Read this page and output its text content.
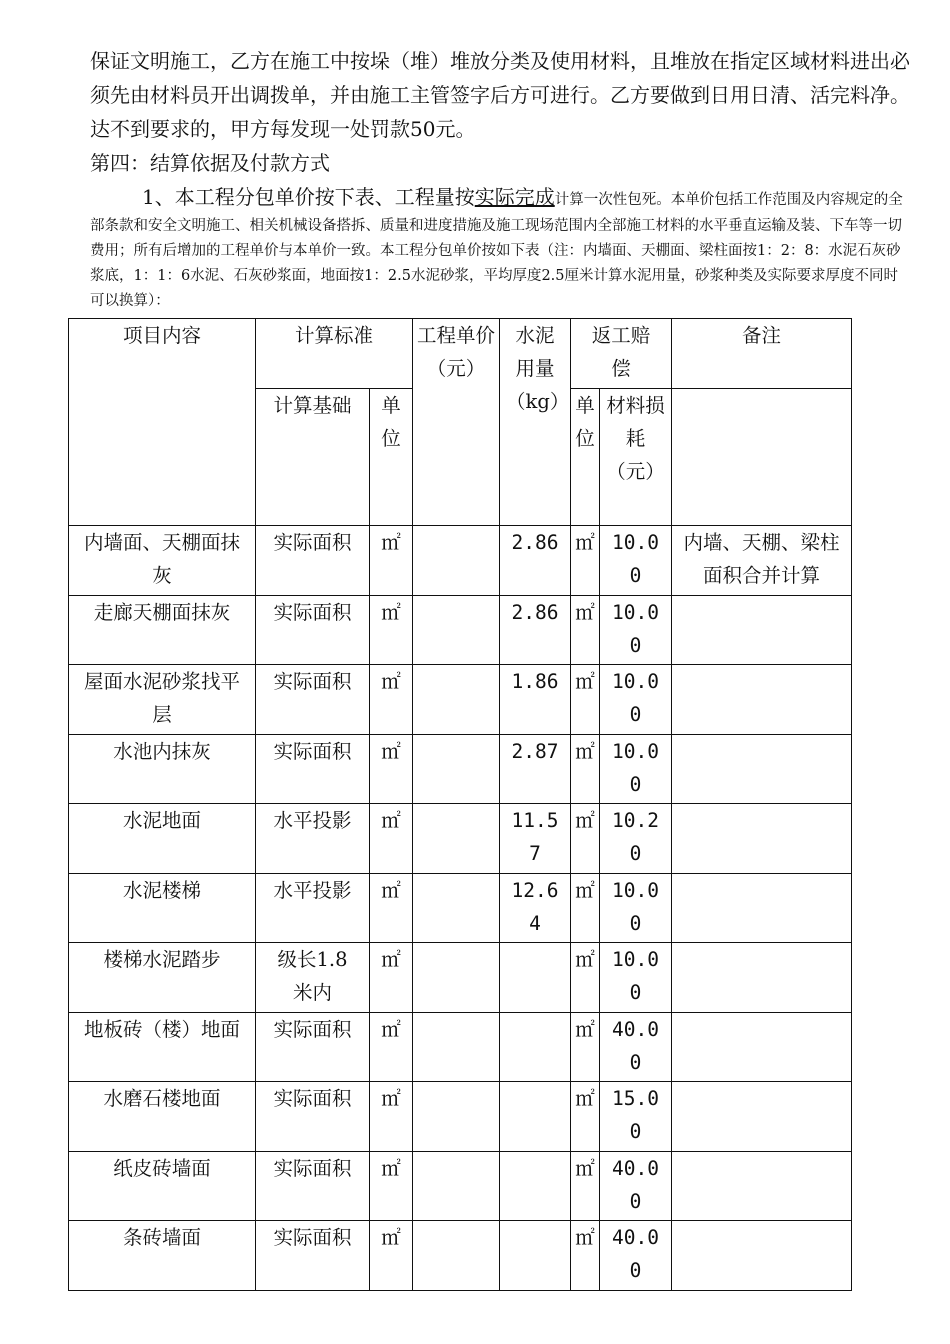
保证文明施工，乙方在施工中按垛（堆）堆放分类及使用材料，且堆放在指定区域材料进出必须先由材料员开出调拨单，并由施工主管签字后方可进行。乙方要做到日用日清、活完料净。达不到要求的，甲方每发现一处罚款50元。

第四：结算依据及付款方式

1、本工程分包单价按下表、工程量按实际完成计算一次性包死。本单价包括工作范围及内容规定的全部条款和安全文明施工、相关机械设备搭拆、质量和进度措施及施工现场范围内全部施工材料的水平垂直运输及装、下车等一切费用；所有后增加的工程单价与本单价一致。本工程分包单价按如下表（注：内墙面、天棚面、梁柱面按1：2：8：水泥石灰砂浆底，1：1：6水泥、石灰砂浆面，地面按1：2.5水泥砂浆，平均厚度2.5厘米计算水泥用量，砂浆种类及实际要求厚度不同时可以换算）：

项目内容	计算标准		工程单价（元）	水泥用量（kg）	返工赔偿		备注
	计算基础	单位			单位	材料损耗（元）	

内墙面、天棚面抹灰	实际面积	㎡		2.86	㎡	10.00	内墙、天棚、梁柱面积合并计算

走廊天棚面抹灰	实际面积	㎡		2.86	㎡	10.00	

屋面水泥砂浆找平层	实际面积	㎡		1.86	㎡	10.00	

水池内抹灰	实际面积	㎡		2.87	㎡	10.00	

水泥地面	水平投影	㎡		11.57	㎡	10.20	

水泥楼梯	水平投影	㎡		12.64	㎡	10.00	

楼梯水泥踏步	级长1.8米内	㎡			㎡	10.00	

地板砖（楼）地面	实际面积	㎡			㎡	40.00	

水磨石楼地面	实际面积	㎡			㎡	15.00	

纸皮砖墙面	实际面积	㎡			㎡	40.00	

条砖墙面	实际面积	㎡			㎡	40.00	
